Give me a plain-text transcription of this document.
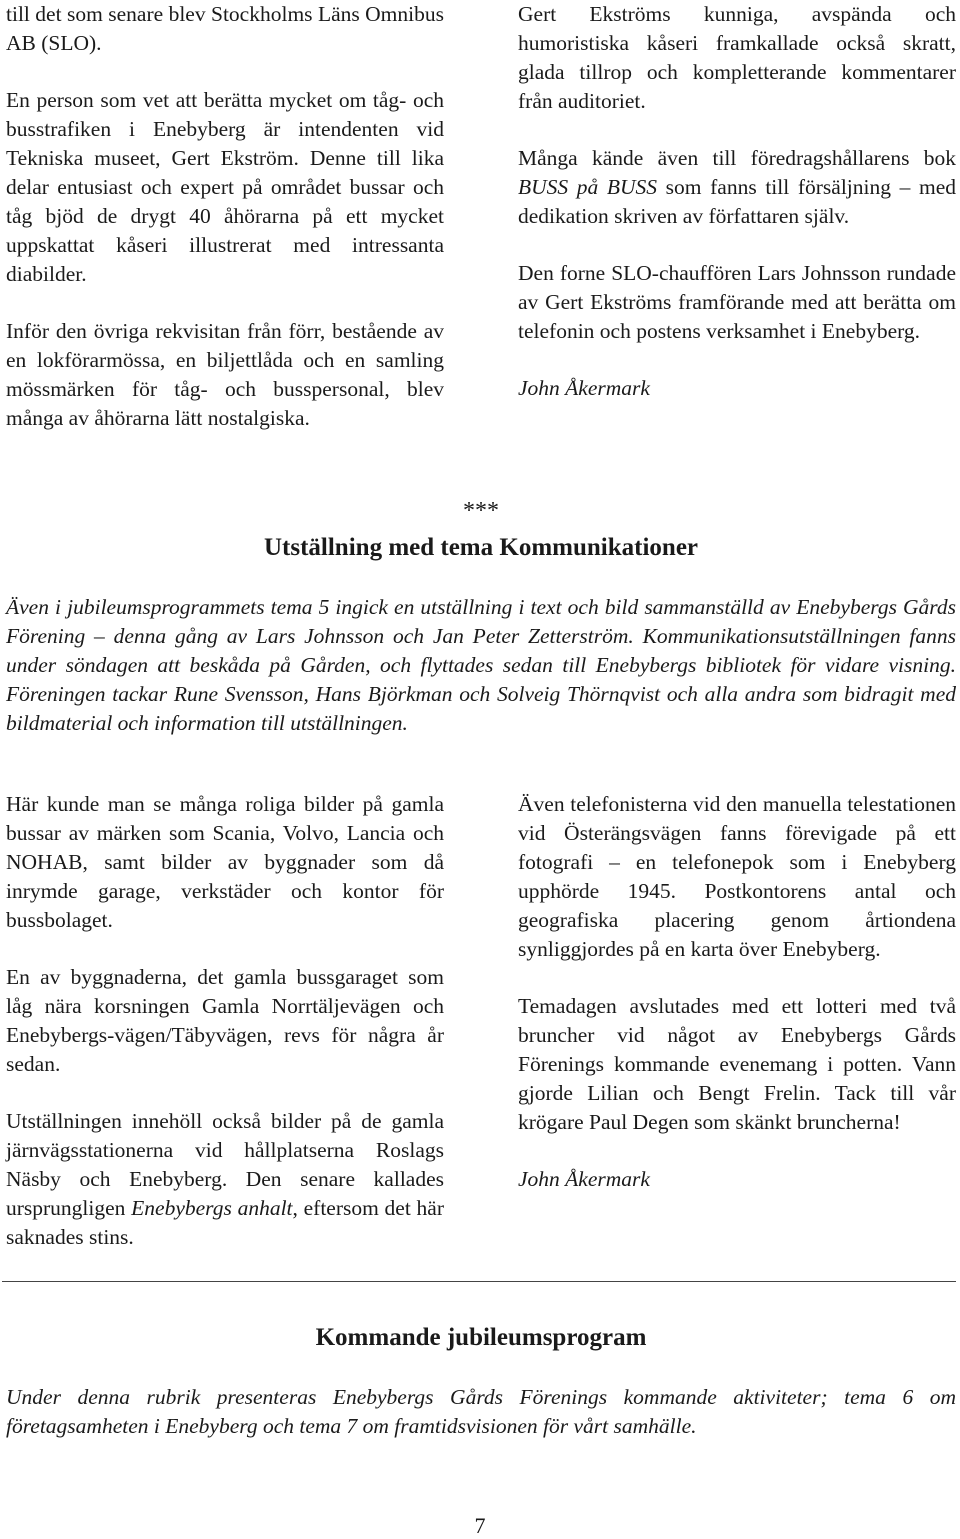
till det som senare blev Stockholms Läns Omnibus AB (SLO).

En person som vet att berätta mycket om tåg- och busstrafiken i Enebyberg är intendenten vid Tekniska museet, Gert Ekström. Denne till lika delar entusiast och expert på området bussar och tåg bjöd de drygt 40 åhörarna på ett mycket uppskattat kåseri illustrerat med intressanta diabilder.

Inför den övriga rekvisitan från förr, bestående av en lokförarmössa, en biljettlåda och en samling mössmärken för tåg- och busspersonal, blev många av åhörarna lätt nostalgiska.

Gert Ekströms kunniga, avspända och humoristiska kåseri framkallade också skratt, glada tillrop och kompletterande kommentarer från auditoriet.

Många kände även till föredragshållarens bok BUSS på BUSS som fanns till försäljning – med dedikation skriven av författaren själv.

Den forne SLO-chauffören Lars Johnsson rundade av Gert Ekströms framförande med att berätta om telefonin och postens verksamhet i Enebyberg.

John Åkermark

***
Utställning med tema Kommunikationer

Även i jubileumsprogrammets tema 5 ingick en utställning i text och bild sammanställd av Enebybergs Gårds Förening – denna gång av Lars Johnsson och Jan Peter Zetterström. Kommunikationsutställningen fanns under söndagen att beskåda på Gården, och flyttades sedan till Enebybergs bibliotek för vidare visning. Föreningen tackar Rune Svensson, Hans Björkman och Solveig Thörnqvist och alla andra som bidragit med bildmaterial och information till utställningen.

Här kunde man se många roliga bilder på gamla bussar av märken som Scania, Volvo, Lancia och NOHAB, samt bilder av byggnader som då inrymde garage, verkstäder och kontor för bussbolaget.

En av byggnaderna, det gamla bussgaraget som låg nära korsningen Gamla Norrtäljevägen och Enebybergs-vägen/Täbyvägen, revs för några år sedan.

Utställningen innehöll också bilder på de gamla järnvägsstationerna vid hållplatserna Roslags Näsby och Enebyberg. Den senare kallades ursprungligen Enebybergs anhalt, eftersom det här saknades stins.

Även telefonisterna vid den manuella telestationen vid Österängsvägen fanns förevigade på ett fotografi – en telefonepok som i Enebyberg upphörde 1945. Postkontorens antal och geografiska placering genom årtiondena synliggjordes på en karta över Enebyberg.

Temadagen avslutades med ett lotteri med två bruncher vid något av Enebybergs Gårds Förenings kommande evenemang i potten. Vann gjorde Lilian och Bengt Frelin. Tack till vår krögare Paul Degen som skänkt bruncherna!

John Åkermark

Kommande jubileumsprogram

Under denna rubrik presenteras Enebybergs Gårds Förenings kommande aktiviteter; tema 6 om företagsamheten i Enebyberg och tema 7 om framtidsvisionen för vårt samhälle.

7
